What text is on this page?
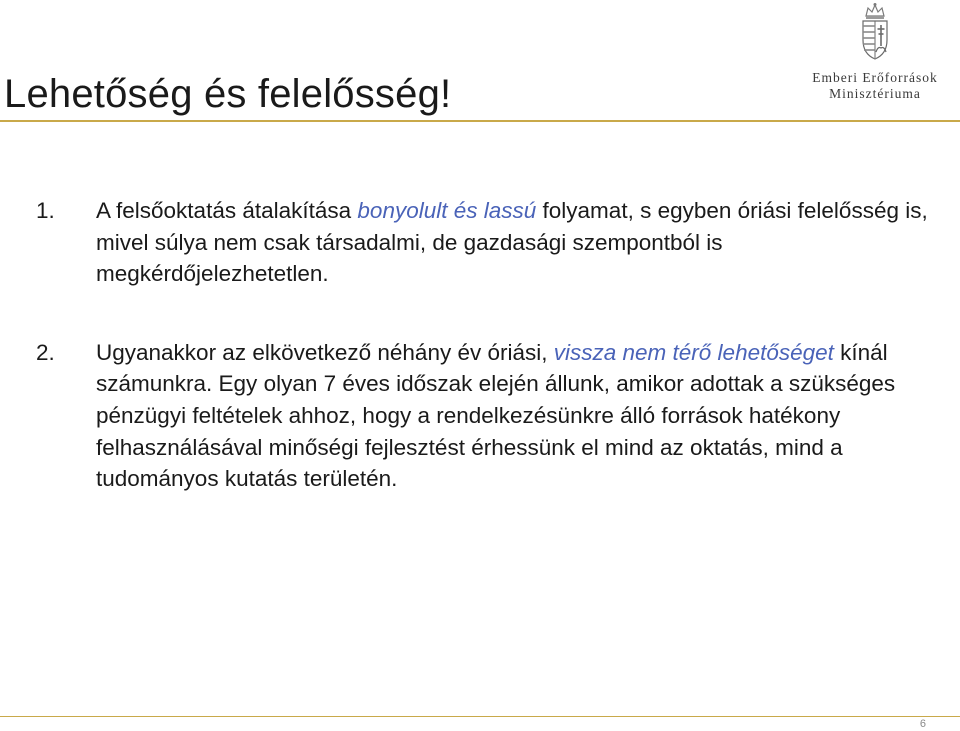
Lehetőség és felelősség!	Emberi Erőforrások
Minisztériuma
1. A felsőoktatás átalakítása bonyolult és lassú folyamat, s egyben óriási felelősség is, mivel súlya nem csak társadalmi, de gazdasági szempontból is megkérdőjelezhetetlen.
2. Ugyanakkor az elkövetkező néhány év óriási, vissza nem térő lehetőséget kínál számunkra. Egy olyan 7 éves időszak elején állunk, amikor adottak a szükséges pénzügyi feltételek ahhoz, hogy a rendelkezésünkre álló források hatékony felhasználásával minőségi fejlesztést érhessünk el mind az oktatás, mind a tudományos kutatás területén.
6
